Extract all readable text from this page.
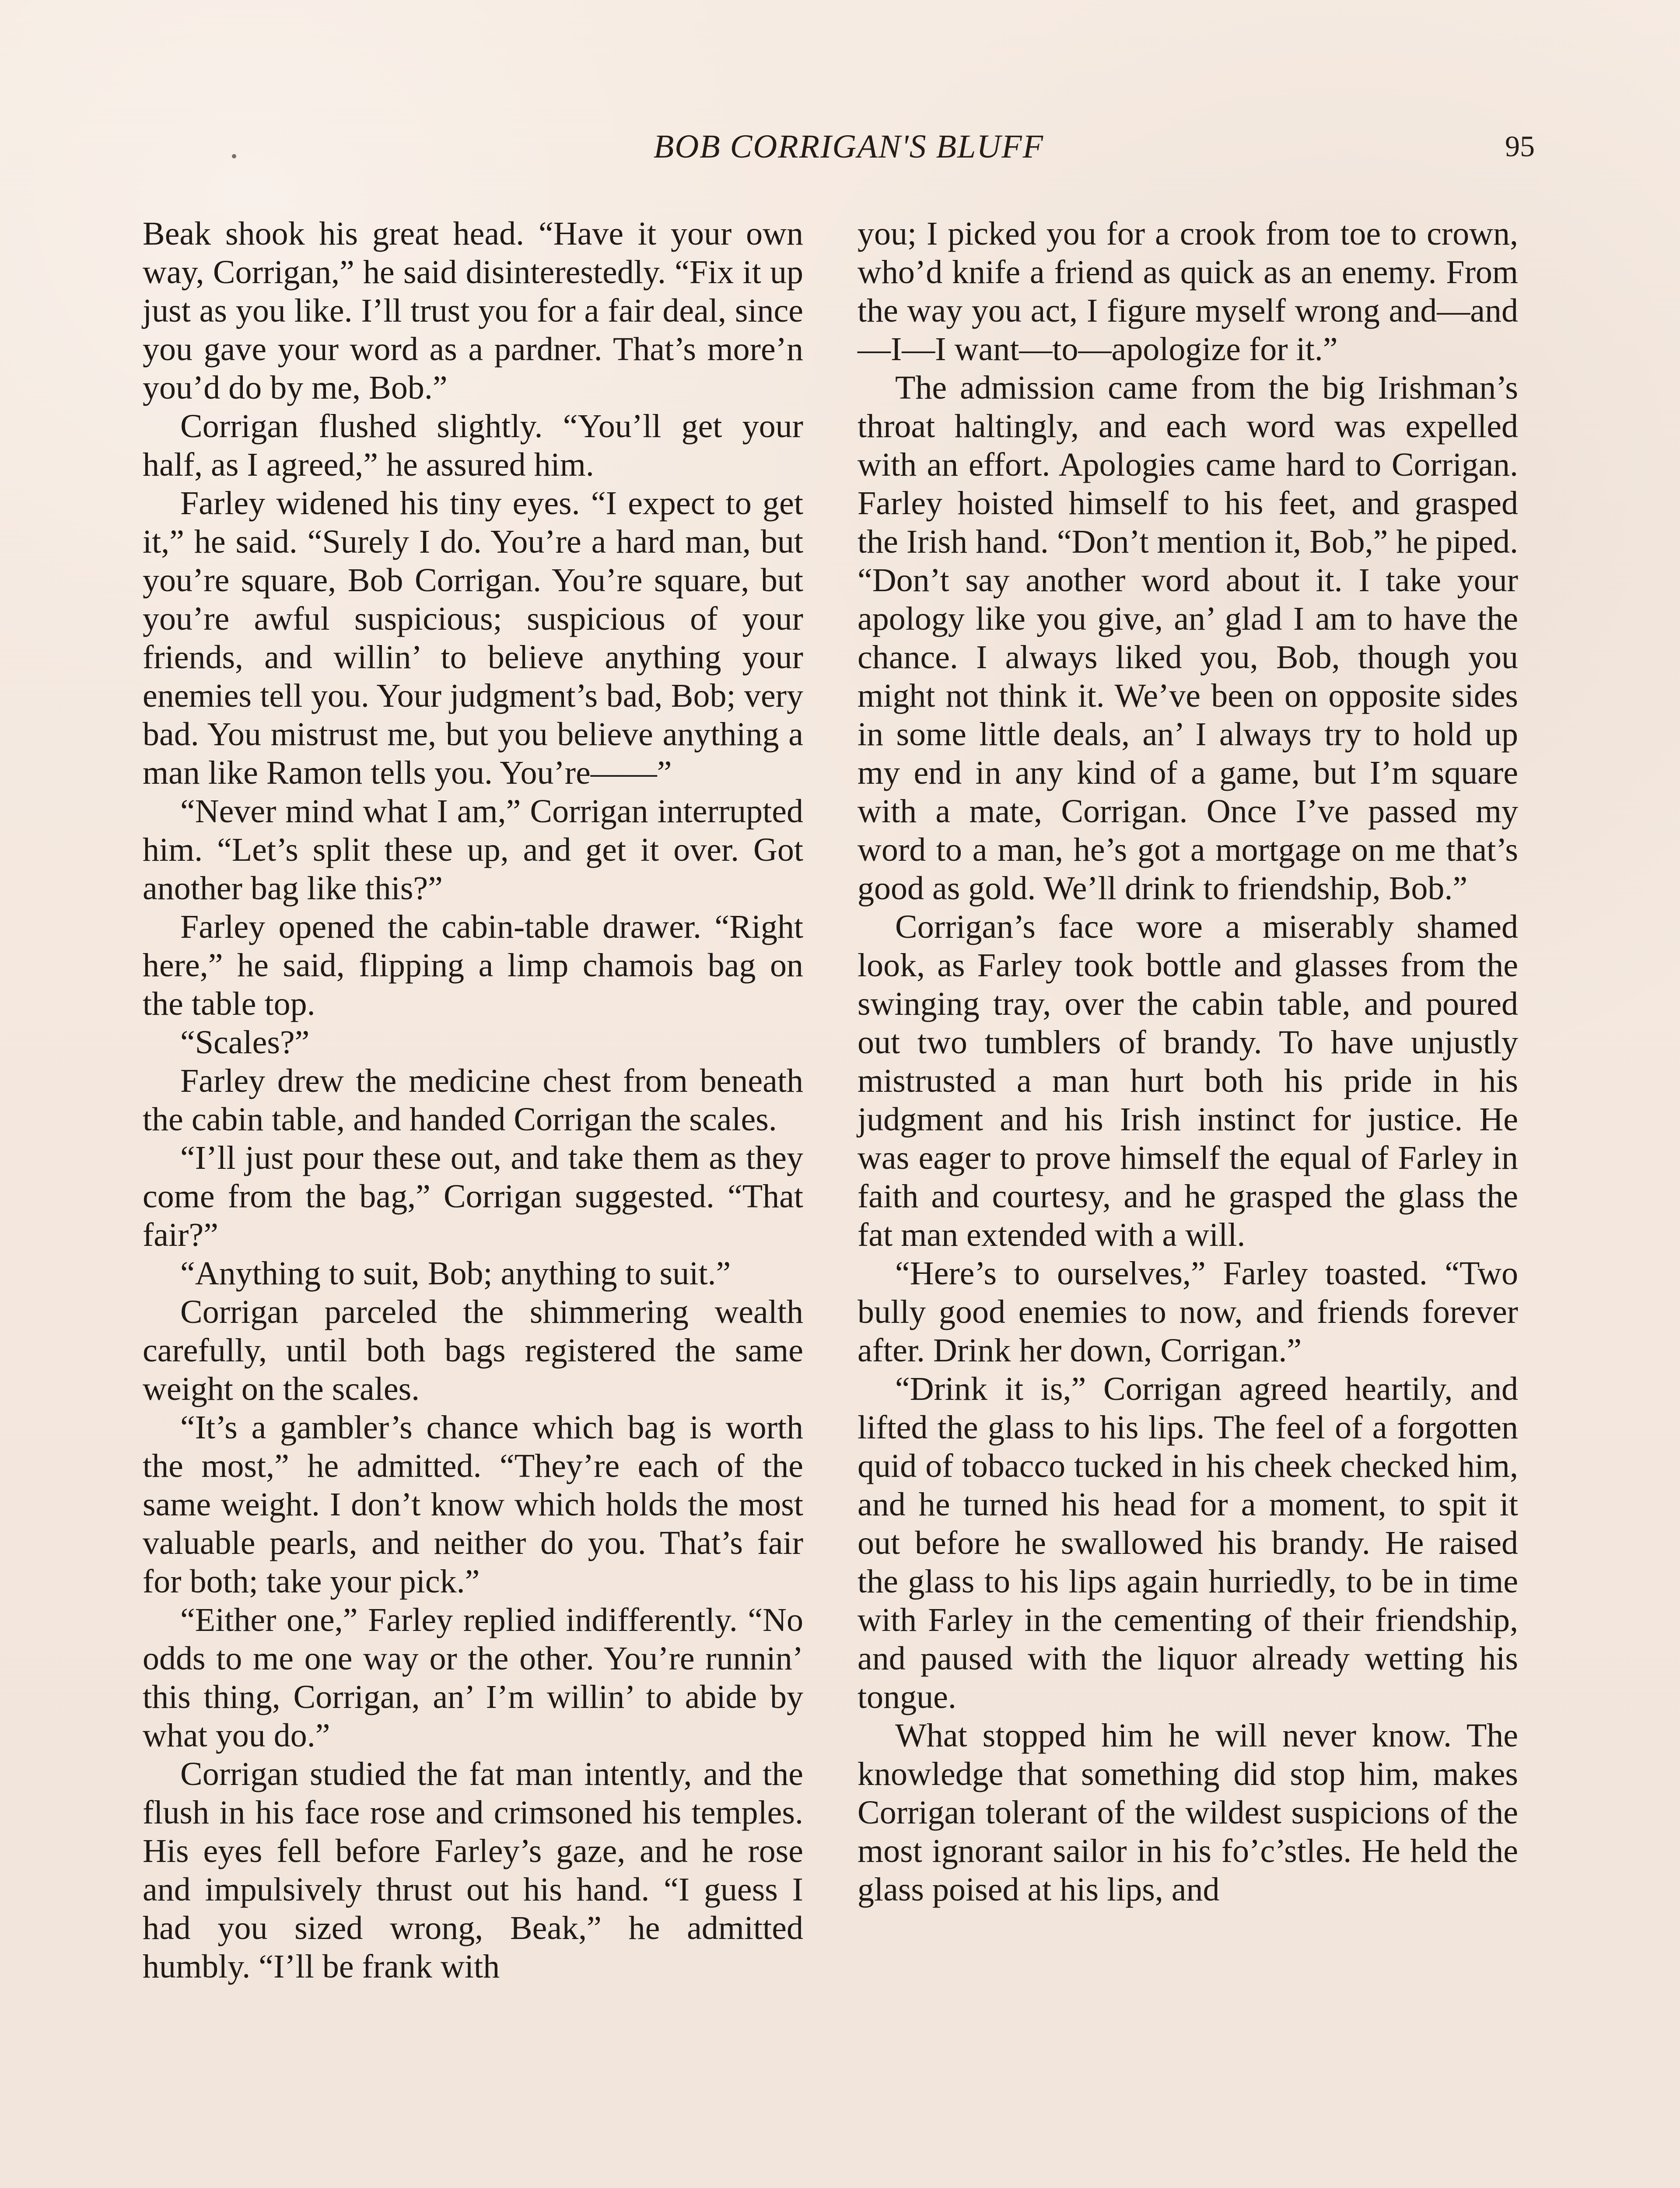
BOB CORRIGAN'S BLUFF	95

Beak shook his great head. “Have it your own way, Corrigan,” he said disinterestedly. “Fix it up just as you like. I’ll trust you for a fair deal, since you gave your word as a pardner. That’s more’n you’d do by me, Bob.”

Corrigan flushed slightly. “You’ll get your half, as I agreed,” he assured him.

Farley widened his tiny eyes. “I expect to get it,” he said. “Surely I do. You’re a hard man, but you’re square, Bob Corrigan. You’re square, but you’re awful suspicious; suspicious of your friends, and willin’ to believe anything your enemies tell you. Your judgment’s bad, Bob; very bad. You mistrust me, but you believe anything a man like Ramon tells you. You’re——”

“Never mind what I am,” Corrigan interrupted him. “Let’s split these up, and get it over. Got another bag like this?”

Farley opened the cabin-table drawer. “Right here,” he said, flipping a limp chamois bag on the table top.

“Scales?”

Farley drew the medicine chest from beneath the cabin table, and handed Corrigan the scales.

“I’ll just pour these out, and take them as they come from the bag,” Corrigan suggested. “That fair?”

“Anything to suit, Bob; anything to suit.”

Corrigan parceled the shimmering wealth carefully, until both bags registered the same weight on the scales.

“It’s a gambler’s chance which bag is worth the most,” he admitted. “They’re each of the same weight. I don’t know which holds the most valuable pearls, and neither do you. That’s fair for both; take your pick.”

“Either one,” Farley replied indifferently. “No odds to me one way or the other. You’re runnin’ this thing, Corrigan, an’ I’m willin’ to abide by what you do.”

Corrigan studied the fat man intently, and the flush in his face rose and crimsoned his temples. His eyes fell before Farley’s gaze, and he rose and impulsively thrust out his hand. “I guess I had you sized wrong, Beak,” he admitted humbly. “I’ll be frank with

you; I picked you for a crook from toe to crown, who’d knife a friend as quick as an enemy. From the way you act, I figure myself wrong and—and—I—I want—to—apologize for it.”

The admission came from the big Irishman’s throat haltingly, and each word was expelled with an effort. Apologies came hard to Corrigan. Farley hoisted himself to his feet, and grasped the Irish hand. “Don’t mention it, Bob,” he piped. “Don’t say another word about it. I take your apology like you give, an’ glad I am to have the chance. I always liked you, Bob, though you might not think it. We’ve been on opposite sides in some little deals, an’ I always try to hold up my end in any kind of a game, but I’m square with a mate, Corrigan. Once I’ve passed my word to a man, he’s got a mortgage on me that’s good as gold. We’ll drink to friendship, Bob.”

Corrigan’s face wore a miserably shamed look, as Farley took bottle and glasses from the swinging tray, over the cabin table, and poured out two tumblers of brandy. To have unjustly mistrusted a man hurt both his pride in his judgment and his Irish instinct for justice. He was eager to prove himself the equal of Farley in faith and courtesy, and he grasped the glass the fat man extended with a will.

“Here’s to ourselves,” Farley toasted. “Two bully good enemies to now, and friends forever after. Drink her down, Corrigan.”

“Drink it is,” Corrigan agreed heartily, and lifted the glass to his lips. The feel of a forgotten quid of tobacco tucked in his cheek checked him, and he turned his head for a moment, to spit it out before he swallowed his brandy. He raised the glass to his lips again hurriedly, to be in time with Farley in the cementing of their friendship, and paused with the liquor already wetting his tongue.

What stopped him he will never know. The knowledge that something did stop him, makes Corrigan tolerant of the wildest suspicions of the most ignorant sailor in his fo’c’stles. He held the glass poised at his lips, and
